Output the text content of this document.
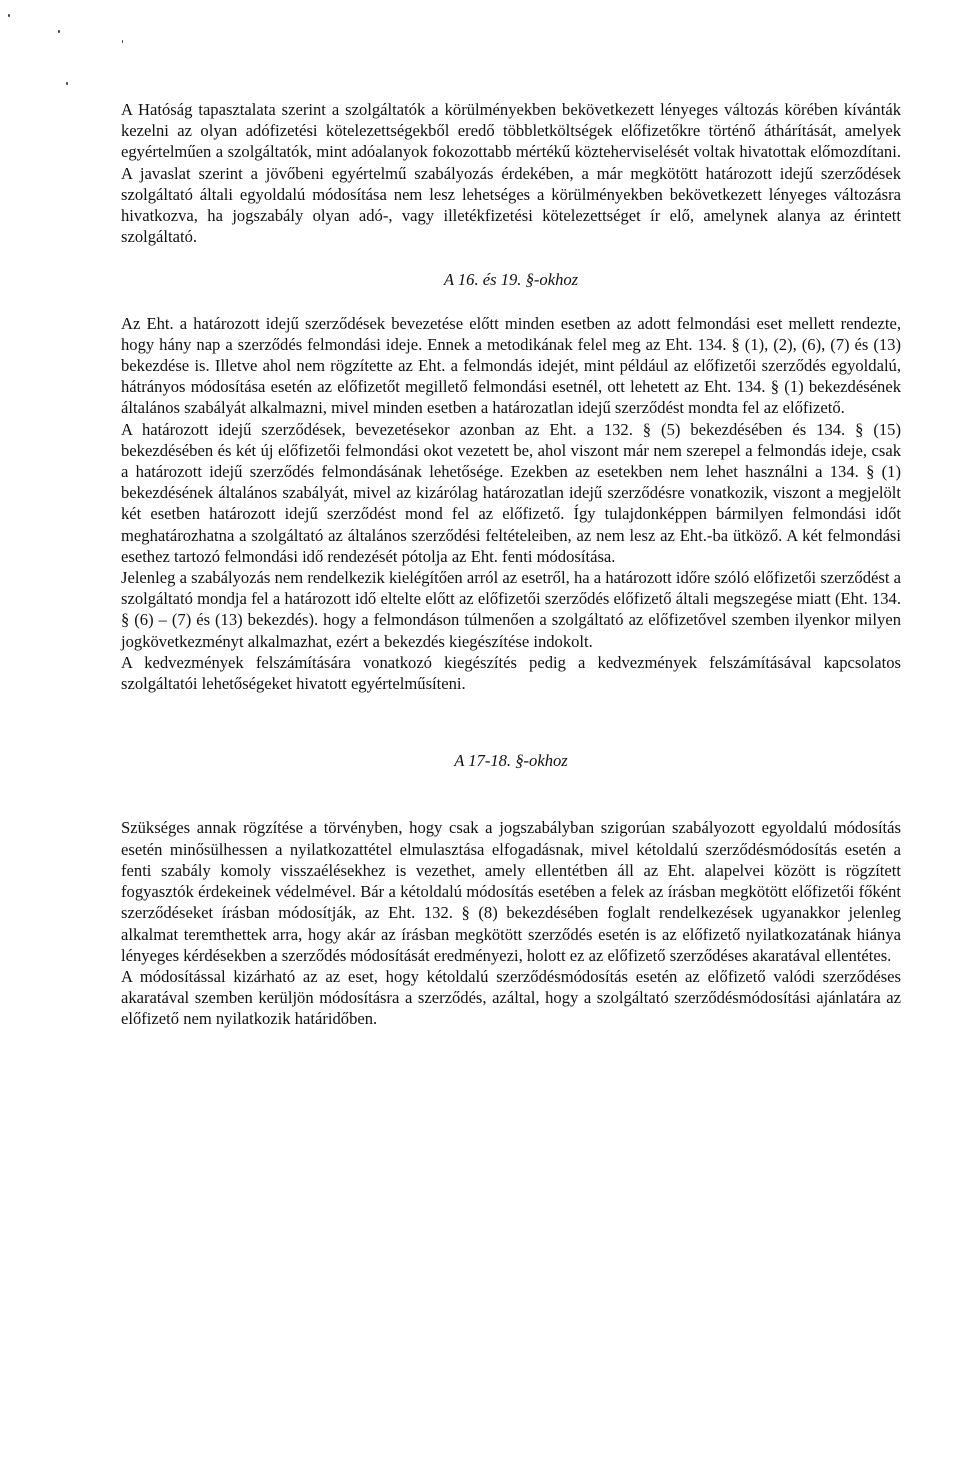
A Hatóság tapasztalata szerint a szolgáltatók a körülményekben bekövetkezett lényeges változás körében kívánták kezelni az olyan adófizetési kötelezettségekből eredő többletköltségek előfizetőkre történő áthárítását, amelyek egyértelműen a szolgáltatók, mint adóalanyok fokozottabb mértékű közteherviselését voltak hivatottak előmozdítani. A javaslat szerint a jövőbeni egyértelmű szabályozás érdekében, a már megkötött határozott idejű szerződések szolgáltató általi egyoldalú módosítása nem lesz lehetséges a körülményekben bekövetkezett lényeges változásra hivatkozva, ha jogszabály olyan adó-, vagy illetékfizetési kötelezettséget ír elő, amelynek alanya az érintett szolgáltató.

A 16. és 19. §-okhoz

Az Eht. a határozott idejű szerződések bevezetése előtt minden esetben az adott felmondási eset mellett rendezte, hogy hány nap a szerződés felmondási ideje. Ennek a metodikának felel meg az Eht. 134. § (1), (2), (6), (7) és (13) bekezdése is. Illetve ahol nem rögzítette az Eht. a felmondás idejét, mint például az előfizetői szerződés egyoldalú, hátrányos módosítása esetén az előfizetőt megillető felmondási esetnél, ott lehetett az Eht. 134. § (1) bekezdésének általános szabályát alkalmazni, mivel minden esetben a határozatlan idejű szerződést mondta fel az előfizető.

A határozott idejű szerződések, bevezetésekor azonban az Eht. a 132. § (5) bekezdésében és 134. § (15) bekezdésében és két új előfizetői felmondási okot vezetett be, ahol viszont már nem szerepel a felmondás ideje, csak a határozott idejű szerződés felmondásának lehetősége. Ezekben az esetekben nem lehet használni a 134. § (1) bekezdésének általános szabályát, mivel az kizárólag határozatlan idejű szerződésre vonatkozik, viszont a megjelölt két esetben határozott idejű szerződést mond fel az előfizető. Így tulajdonképpen bármilyen felmondási időt meghatározhatna a szolgáltató az általános szerződési feltételeiben, az nem lesz az Eht.-ba ütköző. A két felmondási esethez tartozó felmondási idő rendezését pótolja az Eht. fenti módosítása.

Jelenleg a szabályozás nem rendelkezik kielégítően arról az esetről, ha a határozott időre szóló előfizetői szerződést a szolgáltató mondja fel a határozott idő eltelte előtt az előfizetői szerződés előfizető általi megszegése miatt (Eht. 134. § (6) – (7) és (13) bekezdés). hogy a felmondáson túlmenően a szolgáltató az előfizetővel szemben ilyenkor milyen jogkövetkezményt alkalmazhat, ezért a bekezdés kiegészítése indokolt.

A kedvezmények felszámítására vonatkozó kiegészítés pedig a kedvezmények felszámításával kapcsolatos szolgáltatói lehetőségeket hivatott egyértelműsíteni.

A 17-18. §-okhoz

Szükséges annak rögzítése a törvényben, hogy csak a jogszabályban szigorúan szabályozott egyoldalú módosítás esetén minősülhessen a nyilatkozattétel elmulasztása elfogadásnak, mivel kétoldalú szerződésmódosítás esetén a fenti szabály komoly visszaélésekhez is vezethet, amely ellentétben áll az Eht. alapelvei között is rögzített fogyasztók érdekeinek védelmével. Bár a kétoldalú módosítás esetében a felek az írásban megkötött előfizetői főként szerződéseket írásban módosítják, az Eht. 132. § (8) bekezdésében foglalt rendelkezések ugyanakkor jelenleg alkalmat teremthettek arra, hogy akár az írásban megkötött szerződés esetén is az előfizető nyilatkozatának hiánya lényeges kérdésekben a szerződés módosítását eredményezi, holott ez az előfizető szerződéses akaratával ellentétes.

A módosítással kizárható az az eset, hogy kétoldalú szerződésmódosítás esetén az előfizető valódi szerződéses akaratával szemben kerüljön módosításra a szerződés, azáltal, hogy a szolgáltató szerződésmódosítási ajánlatára az előfizető nem nyilatkozik határidőben.
